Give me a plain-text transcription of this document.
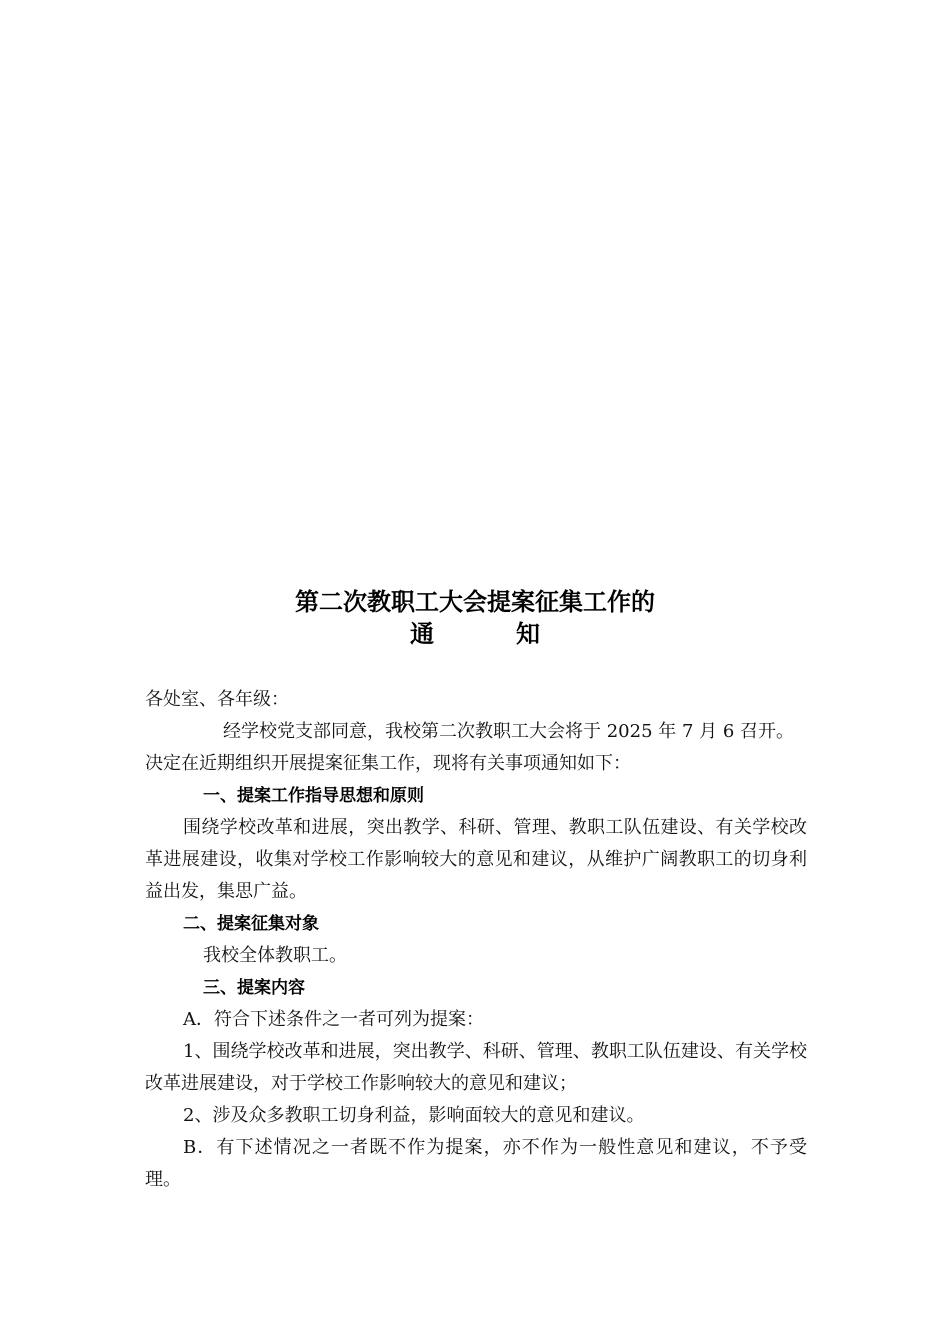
第二次教职工大会提案征集工作的
通	知

各处室、各年级：

经学校党支部同意，我校第二次教职工大会将于 2025 年 7 月 6 召开。

决定在近期组织开展提案征集工作，现将有关事项通知如下：

一、提案工作指导思想和原则

围绕学校改革和进展，突出教学、科研、管理、教职工队伍建设、有关学校改革进展建设，收集对学校工作影响较大的意见和建议，从维护广阔教职工的切身利益出发，集思广益。

二、提案征集对象

我校全体教职工。

三、提案内容

A．符合下述条件之一者可列为提案：

1、围绕学校改革和进展，突出教学、科研、管理、教职工队伍建设、有关学校改革进展建设，对于学校工作影响较大的意见和建议；

2、涉及众多教职工切身利益，影响面较大的意见和建议。

B．有下述情况之一者既不作为提案，亦不作为一般性意见和建议，不予受理。
